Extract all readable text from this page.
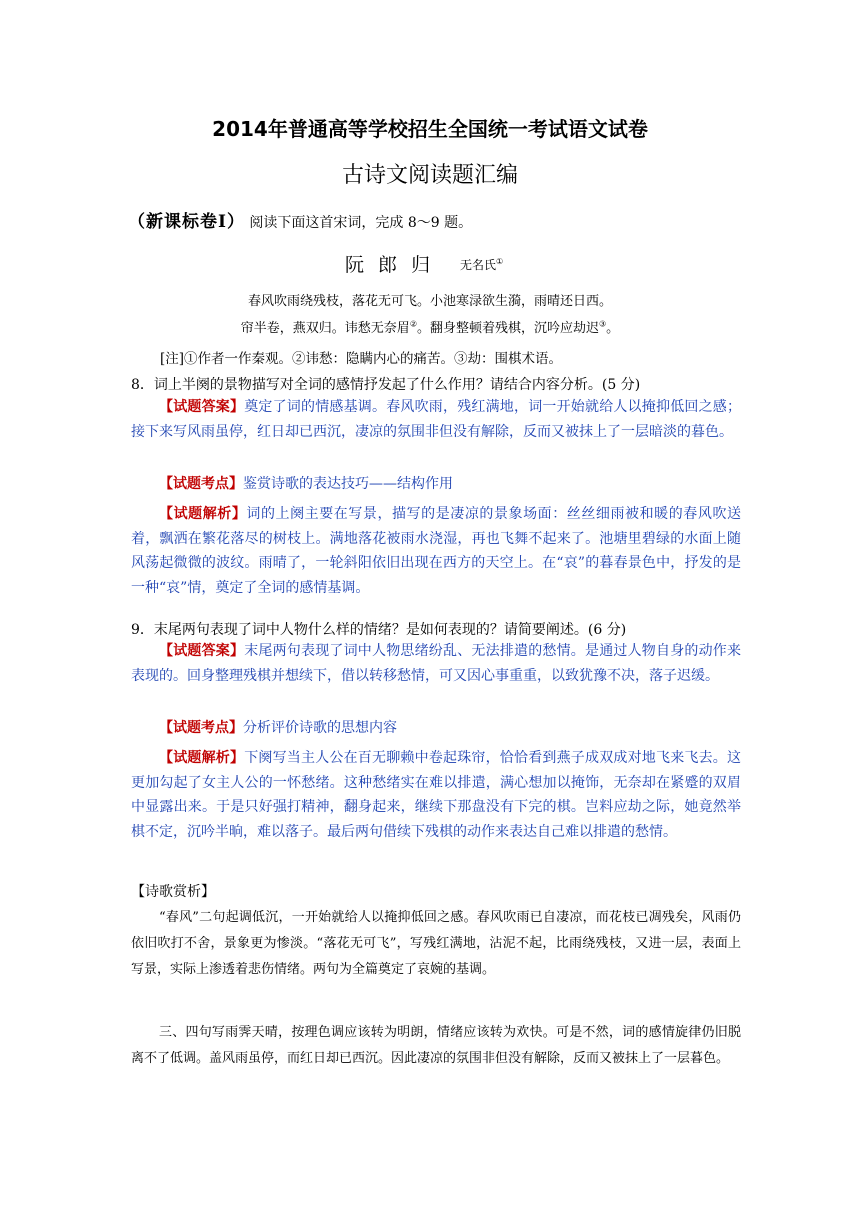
2014年普通高等学校招生全国统一考试语文试卷
古诗文阅读题汇编
（新课标卷Ⅰ） 阅读下面这首宋词，完成 8～9 题。
阮 郎 归 无名氏①
春风吹雨绕残枝，落花无可飞。小池寒渌欲生漪，雨晴还日西。
帘半卷，燕双归。讳愁无奈眉②。翻身整顿着残棋，沉吟应劫迟③。
[注]①作者一作秦观。②讳愁：隐瞒内心的痛苦。③劫：围棋术语。
8．词上半阕的景物描写对全词的感情抒发起了什么作用？请结合内容分析。(5 分)

【试题答案】奠定了词的情感基调。春风吹雨，残红满地，词一开始就给人以掩抑低回之感；接下来写风雨虽停，红日却已西沉，凄凉的氛围非但没有解除，反而又被抹上了一层暗淡的暮色。

【试题考点】鉴赏诗歌的表达技巧——结构作用

【试题解析】词的上阕主要在写景，描写的是凄凉的景象场面：丝丝细雨被和暖的春风吹送着，飘洒在繁花落尽的树枝上。满地落花被雨水浇湿，再也飞舞不起来了。池塘里碧绿的水面上随风荡起微微的波纹。雨晴了，一轮斜阳依旧出现在西方的天空上。在“哀”的暮春景色中，抒发的是一种“哀”情，奠定了全词的感情基调。

9．末尾两句表现了词中人物什么样的情绪？是如何表现的？请简要阐述。(6 分)

【试题答案】末尾两句表现了词中人物思绪纷乱、无法排遣的愁情。是通过人物自身的动作来表现的。回身整理残棋并想续下，借以转移愁情，可又因心事重重，以致犹豫不决，落子迟缓。

【试题考点】分析评价诗歌的思想内容

【试题解析】下阕写当主人公在百无聊赖中卷起珠帘，恰恰看到燕子成双成对地飞来飞去。这更加勾起了女主人公的一怀愁绪。这种愁绪实在难以排遣，满心想加以掩饰，无奈却在紧蹙的双眉中显露出来。于是只好强打精神，翻身起来，继续下那盘没有下完的棋。岂料应劫之际，她竟然举棋不定，沉吟半晌，难以落子。最后两句借续下残棋的动作来表达自己难以排遣的愁情。

【诗歌赏析】

“春风”二句起调低沉，一开始就给人以掩抑低回之感。春风吹雨已自凄凉，而花枝已凋残矣，风雨仍依旧吹打不舍，景象更为惨淡。“落花无可飞”，写残红满地，沾泥不起，比雨绕残枝，又进一层，表面上写景，实际上渗透着悲伤情绪。两句为全篇奠定了哀婉的基调。

三、四句写雨霁天晴，按理色调应该转为明朗，情绪应该转为欢快。可是不然，词的感情旋律仍旧脱离不了低调。盖风雨虽停，而红日却已西沉。因此凄凉的氛围非但没有解除，反而又被抹上了一层暮色。
